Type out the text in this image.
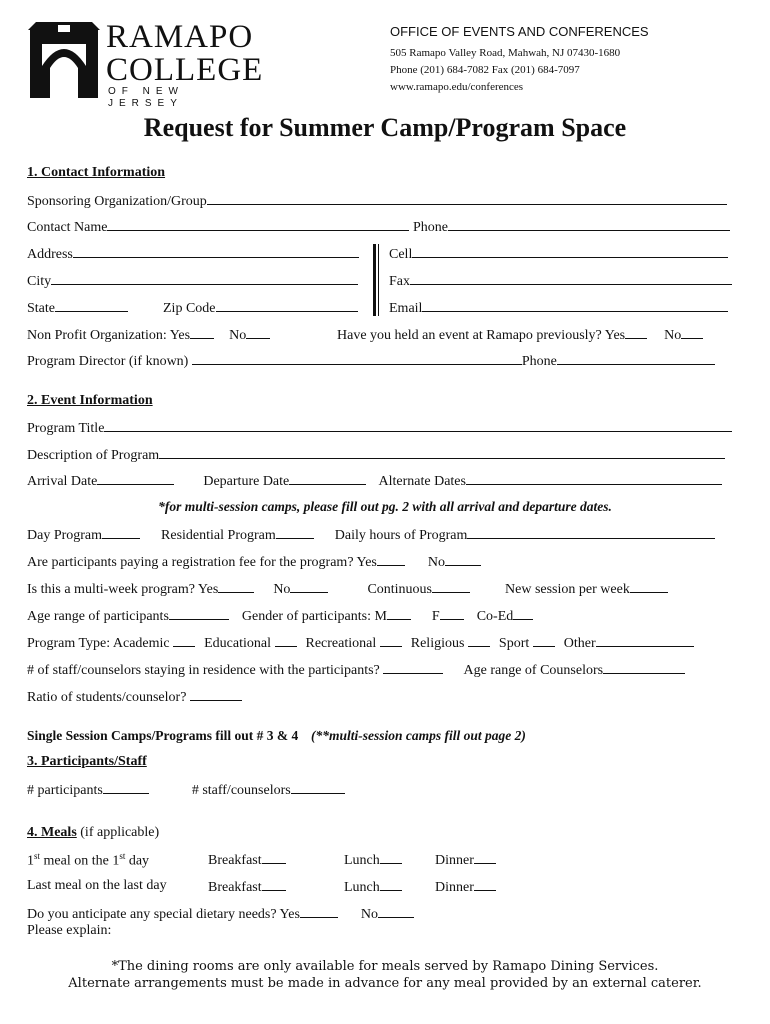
RAMAPO
COLLEGE
OF NEW JERSEY
OFFICE OF EVENTS AND CONFERENCES
505 Ramapo Valley Road, Mahwah, NJ 07430-1680
Phone (201) 684-7082 Fax (201) 684-7097
www.ramapo.edu/conferences
Request for Summer Camp/Program Space
1. Contact Information
Sponsoring Organization/Group
Contact Name	Phone
Address	Cell
City	Fax
State	Zip Code	Email
Non Profit Organization: Yes	No	Have you held an event at Ramapo previously? Yes	No
Program Director (if known)	Phone
2. Event Information
Program Title
Description of Program
Arrival Date	Departure Date	Alternate Dates
*for multi-session camps, please fill out pg. 2 with all arrival and departure dates.
Day Program	Residential Program	Daily hours of Program
Are participants paying a registration fee for the program? Yes	No
Is this a multi-week program? Yes	No	Continuous	New session per week
Age range of participants	Gender of participants: M	F	Co-Ed
Program Type: Academic Educational Recreational Religious Sport Other
# of staff/counselors staying in residence with the participants?	Age range of Counselors
Ratio of students/counselor?
Single Session Camps/Programs fill out # 3 & 4 (**multi-session camps fill out page 2)
3. Participants/Staff
# participants	# staff/counselors
4. Meals (if applicable)
1st meal on the 1st day	Breakfast	Lunch	Dinner
Last meal on the last day	Breakfast	Lunch	Dinner
Do you anticipate any special dietary needs? Yes	No
Please explain:
*The dining rooms are only available for meals served by Ramapo Dining Services.
Alternate arrangements must be made in advance for any meal provided by an external caterer.
